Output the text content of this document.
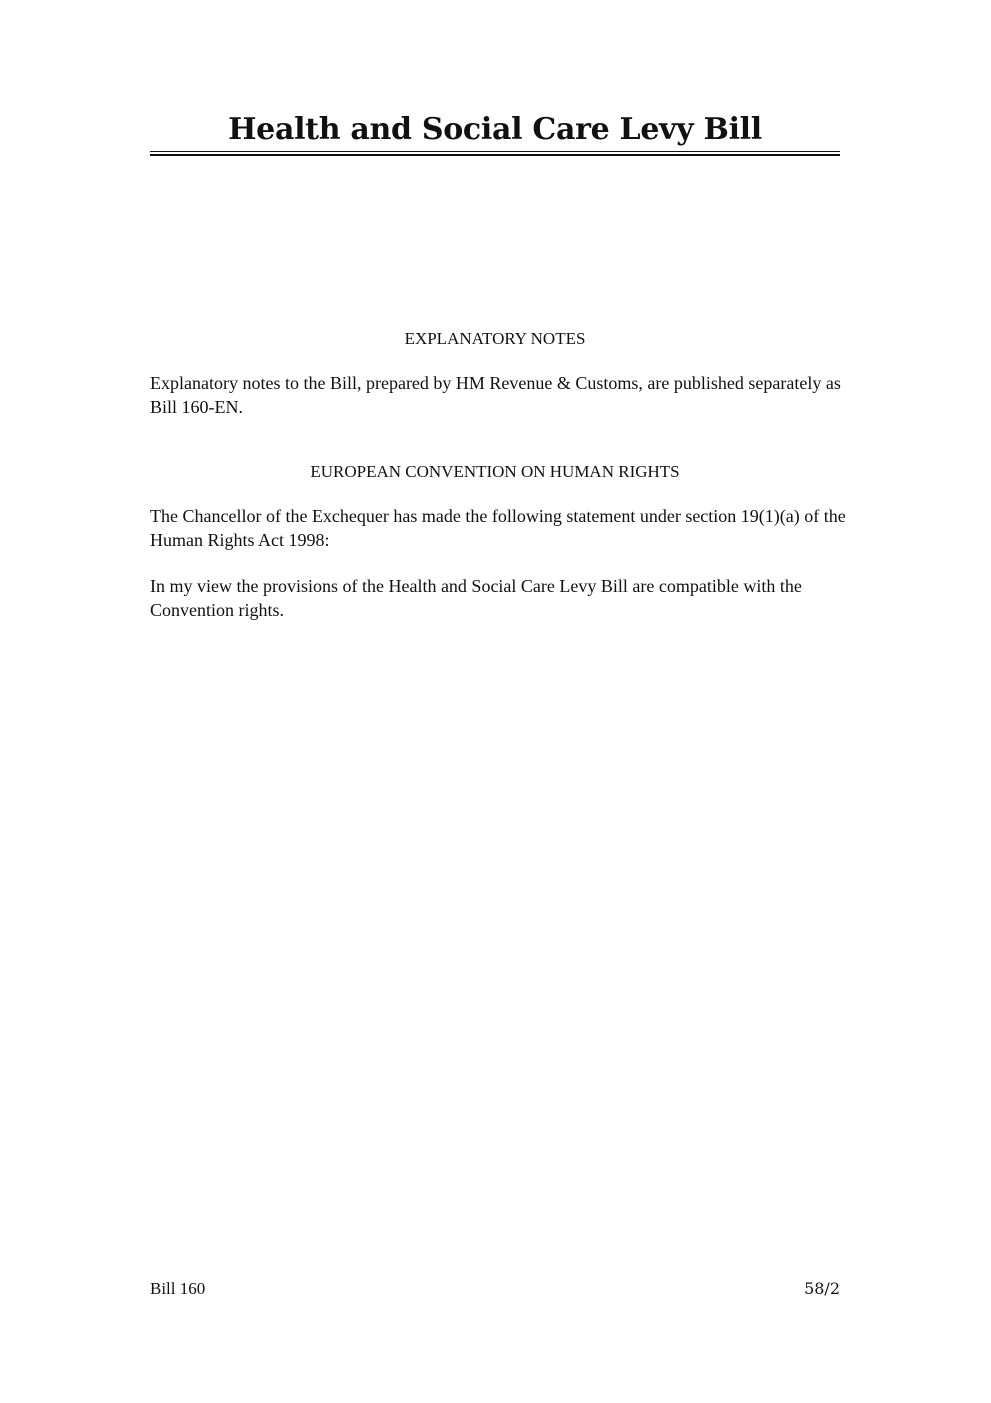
Health and Social Care Levy Bill
EXPLANATORY NOTES

Explanatory notes to the Bill, prepared by HM Revenue & Customs, are published separately as Bill 160-EN.

EUROPEAN CONVENTION ON HUMAN RIGHTS

The Chancellor of the Exchequer has made the following statement under section 19(1)(a) of the Human Rights Act 1998:

In my view the provisions of the Health and Social Care Levy Bill are compatible with the Convention rights.

Bill 160	58/2
